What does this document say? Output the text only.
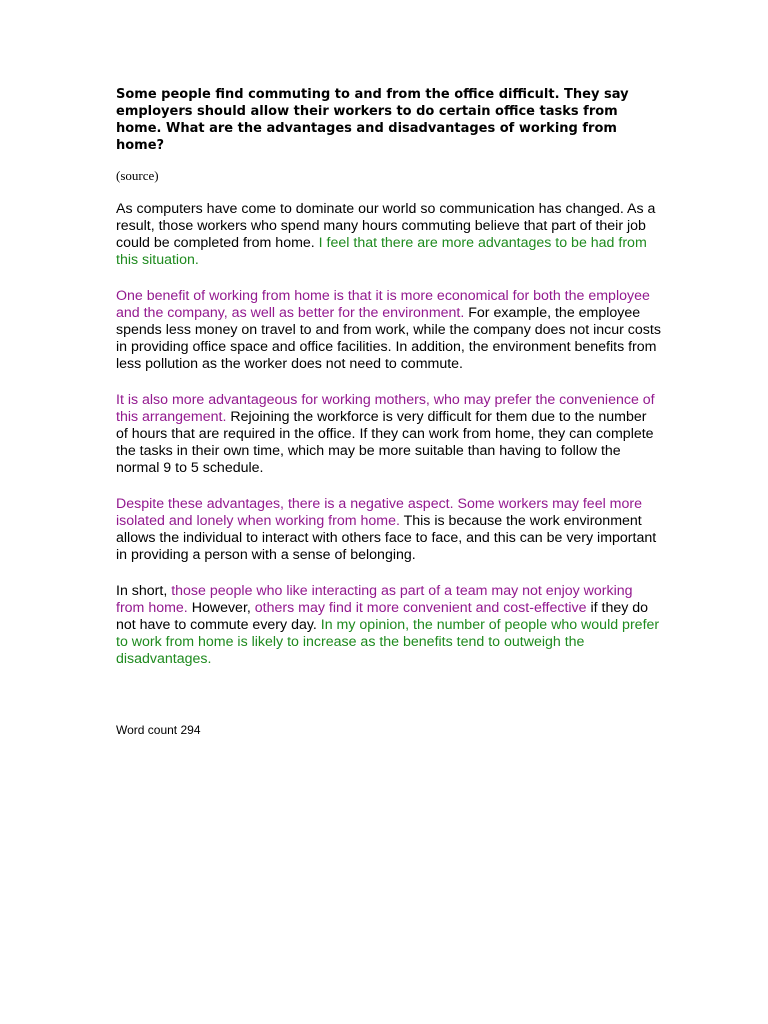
Some people find commuting to and from the office difficult. They say employers should allow their workers to do certain office tasks from home. What are the advantages and disadvantages of working from home?

(source)

As computers have come to dominate our world so communication has changed. As a result, those workers who spend many hours commuting believe that part of their job could be completed from home. I feel that there are more advantages to be had from this situation.

One benefit of working from home is that it is more economical for both the employee and the company, as well as better for the environment. For example, the employee spends less money on travel to and from work, while the company does not incur costs in providing office space and office facilities. In addition, the environment benefits from less pollution as the worker does not need to commute.

It is also more advantageous for working mothers, who may prefer the convenience of this arrangement. Rejoining the workforce is very difficult for them due to the number of hours that are required in the office. If they can work from home, they can complete the tasks in their own time, which may be more suitable than having to follow the normal 9 to 5 schedule.

Despite these advantages, there is a negative aspect. Some workers may feel more isolated and lonely when working from home. This is because the work environment allows the individual to interact with others face to face, and this can be very important in providing a person with a sense of belonging.

In short, those people who like interacting as part of a team may not enjoy working from home. However, others may find it more convenient and cost-effective if they do not have to commute every day. In my opinion, the number of people who would prefer to work from home is likely to increase as the benefits tend to outweigh the disadvantages.

Word count 294
